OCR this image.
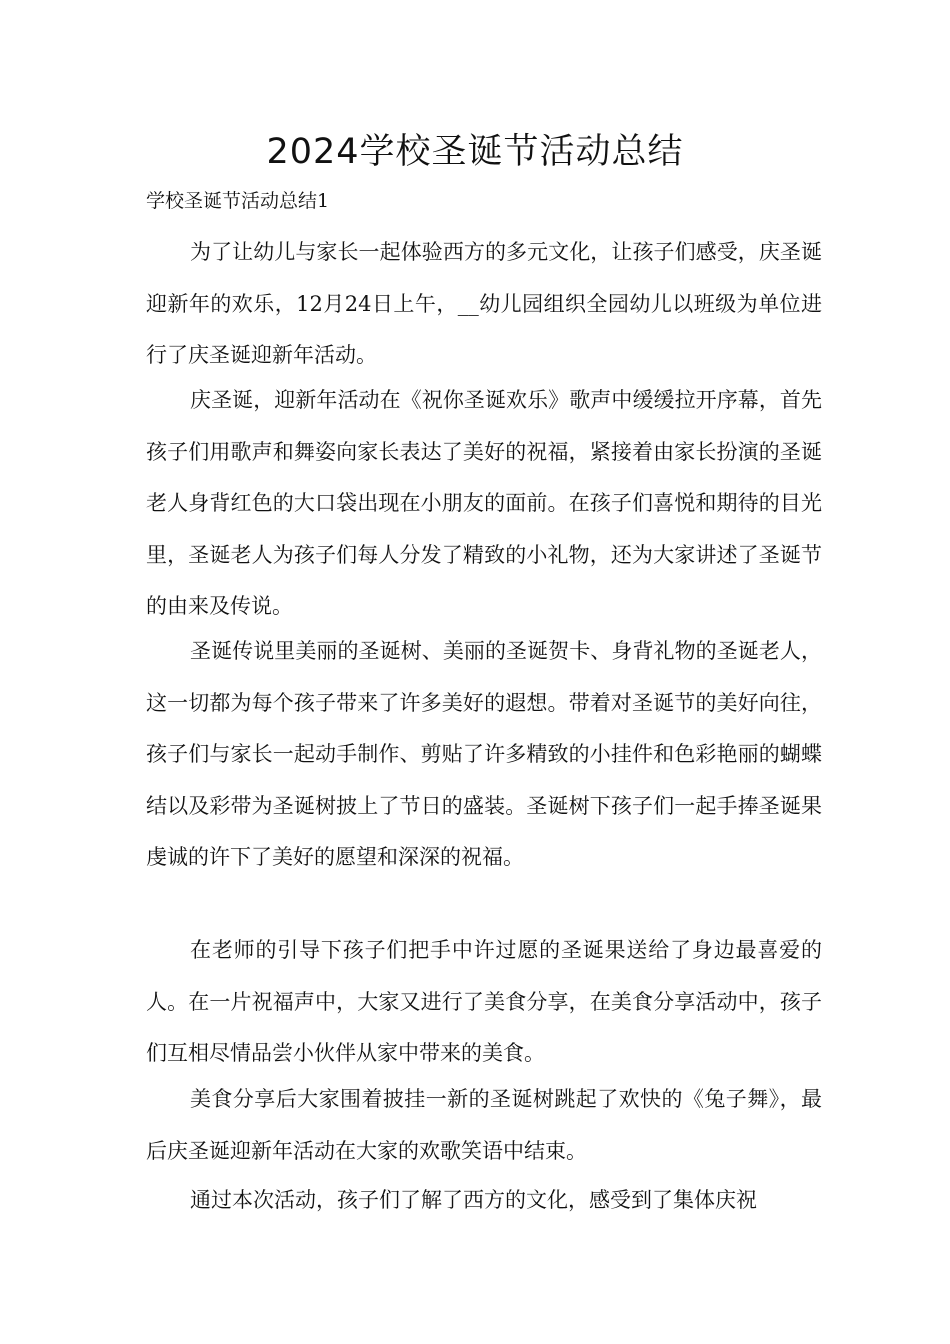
2024学校圣诞节活动总结
学校圣诞节活动总结1
为了让幼儿与家长一起体验西方的多元文化，让孩子们感受，庆圣诞迎新年的欢乐，12月24日上午，__幼儿园组织全园幼儿以班级为单位进行了庆圣诞迎新年活动。
庆圣诞，迎新年活动在《祝你圣诞欢乐》歌声中缓缓拉开序幕，首先孩子们用歌声和舞姿向家长表达了美好的祝福，紧接着由家长扮演的圣诞老人身背红色的大口袋出现在小朋友的面前。在孩子们喜悦和期待的目光里，圣诞老人为孩子们每人分发了精致的小礼物，还为大家讲述了圣诞节的由来及传说。
圣诞传说里美丽的圣诞树、美丽的圣诞贺卡、身背礼物的圣诞老人，这一切都为每个孩子带来了许多美好的遐想。带着对圣诞节的美好向往，孩子们与家长一起动手制作、剪贴了许多精致的小挂件和色彩艳丽的蝴蝶结以及彩带为圣诞树披上了节日的盛装。圣诞树下孩子们一起手捧圣诞果虔诚的许下了美好的愿望和深深的祝福。
在老师的引导下孩子们把手中许过愿的圣诞果送给了身边最喜爱的人。在一片祝福声中，大家又进行了美食分享，在美食分享活动中，孩子们互相尽情品尝小伙伴从家中带来的美食。
美食分享后大家围着披挂一新的圣诞树跳起了欢快的《兔子舞》，最后庆圣诞迎新年活动在大家的欢歌笑语中结束。
通过本次活动，孩子们了解了西方的文化，感受到了集体庆祝
